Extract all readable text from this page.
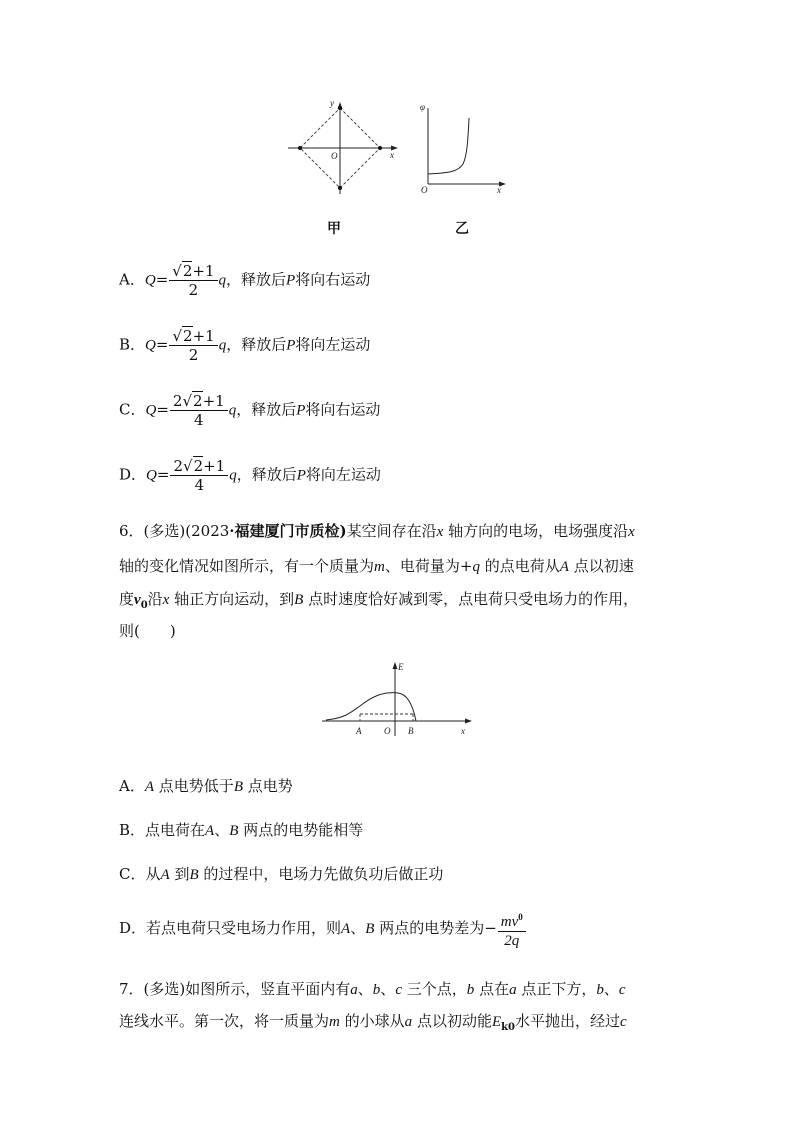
O	x
y	φ
O	x
甲	乙
A．$Q= \frac{√2+1}{2}$ q，释放后P将向右运动
B．$Q= \frac{√2+1}{2}$ q，释放后P将向左运动
C．$Q= \frac{2√2+1}{4}$ q，释放后P将向右运动
D．$Q= \frac{2√2+1}{4}$ q，释放后P将向左运动
6．(多选)(2023·福建厦门市质检)某空间存在沿x 轴方向的电场，电场强度沿x
轴的变化情况如图所示，有一个质量为m、电荷量为+q 的点电荷从A 点以初速
度$v_0$沿x 轴正方向运动，到B 点时速度恰好减到零，点电荷只受电场力的作用，
则(　　)
E
x
A	O B
A．A 点电势低于B 点电势
B．点电荷在A、B 两点的电势能相等
C．从A 到B 的过程中，电场力先做负功后做正功
D．若点电荷只受电场力作用，则A、B 两点的电势差为− $\frac{mv^0}{2q}$
7．(多选)如图所示，竖直平面内有a、b、c 三个点，b 点在a 点正下方，b、c
连线水平。第一次，将一质量为m 的小球从a 点以初动能$E_{k0}$水平抛出，经过c
